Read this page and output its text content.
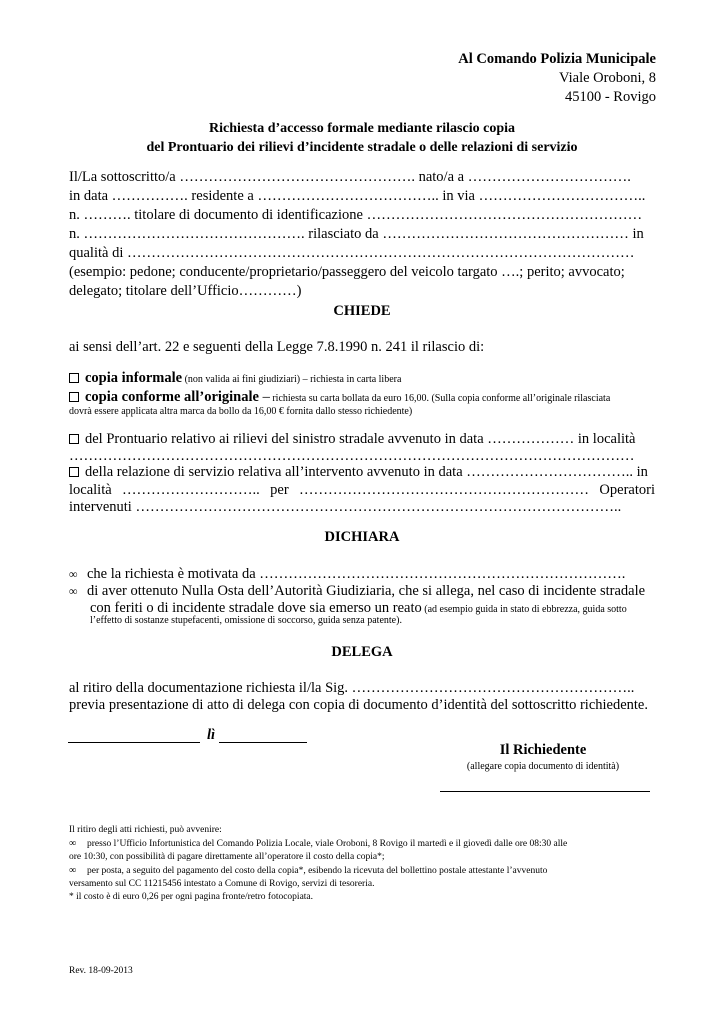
Al Comando Polizia Municipale
Viale Oroboni, 8
45100 - Rovigo
Richiesta d’accesso formale mediante rilascio copia
del Prontuario dei rilievi d’incidente stradale o delle relazioni di servizio
Il/La sottoscritto/a …………………………………………. nato/a a …………………………….
in data ……………. residente a ……………………………….. in via ……………………………..
n. ………. titolare di documento di identificazione …………………………………………………
n. ………………………………………. rilasciato da …………………………………………… in
qualità di ……………………………………………………………………………………………
(esempio: pedone; conducente/proprietario/passeggero del veicolo targato ….; perito; avvocato;
delegato; titolare dell’Ufficio…………)
CHIEDE
ai sensi dell’art. 22 e seguenti della Legge 7.8.1990 n. 241 il rilascio di:
copia informale (non valida ai fini giudiziari) – richiesta in carta libera
copia conforme all’originale – richiesta su carta bollata da euro 16,00. (Sulla copia conforme all’originale rilasciata
dovrà essere applicata altra marca da bollo da 16,00 € fornita dallo stesso richiedente)
del Prontuario relativo ai rilievi del sinistro stradale avvenuto in data ……………… in località
………………………………………………………………………………………………………
della relazione di servizio relativa all’intervento avvenuto in data …………………………….. in
località ……………………….. per …………………………………………………… Operatori
intervenuti ………………………………………………………………………………………..
DICHIARA
∞ che la richiesta è motivata da ………………………………………………………………….
∞ di aver ottenuto Nulla Osta dell’Autorità Giudiziaria, che si allega, nel caso di incidente stradale
con feriti o di incidente stradale dove sia emerso un reato (ad esempio guida in stato di ebbrezza, guida sotto
l’effetto di sostanze stupefacenti, omissione di soccorso, guida senza patente).
DELEGA
al ritiro della documentazione richiesta il/la Sig. …………………………………………………..
previa presentazione di atto di delega con copia di documento d’identità del sottoscritto richiedente.
lì
Il Richiedente
(allegare copia documento di identità)
Il ritiro degli atti richiesti, può avvenire:
∞ presso l’Ufficio Infortunistica del Comando Polizia Locale, viale Oroboni, 8 Rovigo il martedì e il giovedì dalle ore 08:30 alle
ore 10:30, con possibilità di pagare direttamente all’operatore il costo della copia*;
∞ per posta, a seguito del pagamento del costo della copia*, esibendo la ricevuta del bollettino postale attestante l’avvenuto
versamento sul CC 11215456 intestato a Comune di Rovigo, servizi di tesoreria.
* il costo è di euro 0,26 per ogni pagina fronte/retro fotocopiata.
Rev. 18-09-2013
